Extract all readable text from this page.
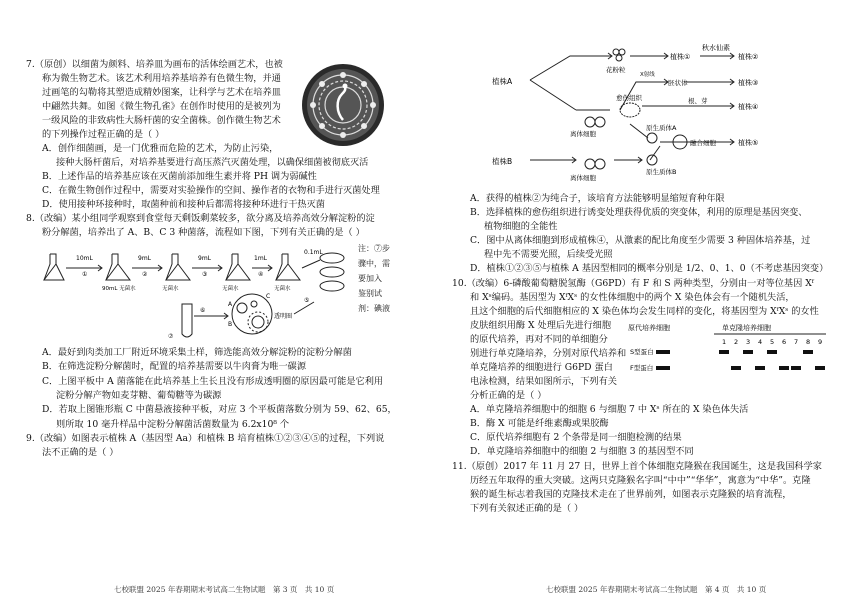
7.（原创）以细菌为颜料、培养皿为画布的活体绘画艺术，也被
称为微生物艺术。该艺术利用培养基培养有色微生物，并通
过画笔的勾勒将其塑造成精妙图案，让科学与艺术在培养皿
中翩然共舞。如图《微生物孔雀》在创作时使用的是被列为
一级风险的非致病性大肠杆菌的安全菌株。创作微生物艺术
的下列操作过程正确的是（ ）
A．创作细菌画，是一门优雅而危险的艺术，为防止污染，
接种大肠杆菌后，对培养基要进行高压蒸汽灭菌处理，以确保细菌被彻底灭活
B．上述作品的培养基应该在灭菌前添加维生素并将 PH 调为弱碱性
C．在微生物创作过程中，需要对实验操作的空间、操作者的衣物和手进行灭菌处理
D．使用接种环接种时，取菌种前和接种后都需将接种环进行干热灭菌
8.（改编）某小组同学观察到食堂每天剩饭剩菜较多，欲分离及培养高效分解淀粉的淀
粉分解菌，培养出了 A、B、C 3 种菌落，流程如下图，下列有关正确的是（ ）
10mL	9mL	9mL	1mL
0.1mL
①	②	③	④
90mL 无菌水	无菌水	无菌水	无菌水
⑥
⑤
⑦
A
B
透明圈
C
注：⑦步
骤中，需
要加入
鉴别试
剂：碘液
A．最好到肉类加工厂附近环境采集土样，筛选能高效分解淀粉的淀粉分解菌
B．在筛选淀粉分解菌时，配置的培养基需要以牛肉膏为唯一碳源
C．上图平板中 A 菌落能在此培养基上生长且没有形成透明圈的原因最可能是它利用
淀粉分解产物如麦芽糖、葡萄糖等为碳源
D．若取上图锥形瓶 C 中菌悬液接种平板，对应 3 个平板菌落数分别为 59、62、65，
则所取 10 毫升样品中淀粉分解菌活菌数量为 6.2x10⁸ 个
9.（改编）如图表示植株 A（基因型 Aa）和植株 B 培育植株①②③④⑤的过程，下列说
法不正确的是（ ）
七校联盟 2025 年春期期末考试高二生物试题　第 3 页　共 10 页
植株A
植株B
花粉粒
植株①
秋水仙素
植株②
X射线
胚状体	植株③
愈伤组织	根、芽
植株④
离体细胞
原生质体A
融合细胞	植株⑤
原生质体B
离体细胞
A．获得的植株②为纯合子，该培育方法能够明显缩短育种年限
B．选择植株的愈伤组织进行诱变处理获得优质的突变体，利用的原理是基因突变、
植物细胞的全能性
C．图中从离体细胞到形成植株④，从激素的配比角度至少需要 3 种固体培养基，过
程中先不需要光照，后续受光照
D．植株①②③⑤与植株 A 基因型相同的概率分别是 1/2、0、1、0（不考虑基因突变）
10.（改编）6-磷酸葡萄糖脱氢酶（G6PD）有 F 和 S 两种类型，分别由一对等位基因 Xᶠ
和 Xˢ编码。基因型为 XᶠXˢ 的女性体细胞中的两个 X 染色体会有一个随机失活，
且这个细胞的后代细胞相应的 X 染色体均会发生同样的变化，将基因型为 XᶠXˢ 的女性
皮肤组织用酶 X 处理后先进行细胞
的原代培养，再对不同的单细胞分
别进行单克隆培养，分别对原代培养和
单克隆培养的细胞进行 G6PD 蛋白
电泳检测，结果如图所示，下列有关
分析正确的是（ ）
原代培养细胞	单克隆培养细胞
1 2 3 4 5 6 7 8 9
S型蛋白
F型蛋白
A．单克隆培养细胞中的细胞 6 与细胞 7 中 Xˢ 所在的 X 染色体失活
B．酶 X 可能是纤维素酶或果胶酶
C．原代培养细胞有 2 个条带是同一细胞检测的结果
D．单克隆培养细胞中的细胞 2 与细胞 3 的基因型不同
11.（原创）2017 年 11 月 27 日，世界上首个体细胞克隆猴在我国诞生，这是我国科学家
历经五年取得的重大突破。这两只克隆猴名字叫“中中”“华华”，寓意为“中华”。克隆
猴的诞生标志着我国的克隆技术走在了世界前列，如图表示克隆猴的培育流程，
下列有关叙述正确的是（ ）
七校联盟 2025 年春期期末考试高二生物试题　第 4 页　共 10 页
